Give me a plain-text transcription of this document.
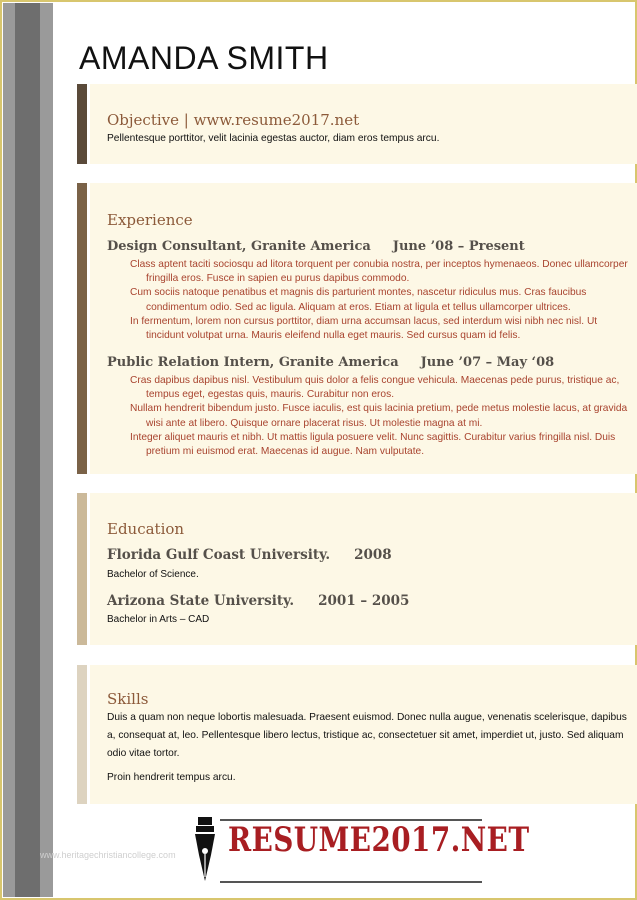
AMANDA SMITH
Objective | www.resume2017.net
Pellentesque porttitor, velit lacinia egestas auctor, diam eros tempus arcu.
Experience
Design Consultant, Granite America June ’08 – Present
Class aptent taciti sociosqu ad litora torquent per conubia nostra, per inceptos hymenaeos. Donec ullamcorper fringilla eros. Fusce in sapien eu purus dapibus commodo.
Cum sociis natoque penatibus et magnis dis parturient montes, nascetur ridiculus mus. Cras faucibus condimentum odio. Sed ac ligula. Aliquam at eros. Etiam at ligula et tellus ullamcorper ultrices.
In fermentum, lorem non cursus porttitor, diam urna accumsan lacus, sed interdum wisi nibh nec nisl. Ut tincidunt volutpat urna. Mauris eleifend nulla eget mauris. Sed cursus quam id felis.
Public Relation Intern, Granite America June ’07 – May ‘08
Cras dapibus dapibus nisl. Vestibulum quis dolor a felis congue vehicula. Maecenas pede purus, tristique ac, tempus eget, egestas quis, mauris. Curabitur non eros.
Nullam hendrerit bibendum justo. Fusce iaculis, est quis lacinia pretium, pede metus molestie lacus, at gravida wisi ante at libero. Quisque ornare placerat risus. Ut molestie magna at mi.
Integer aliquet mauris et nibh. Ut mattis ligula posuere velit. Nunc sagittis. Curabitur varius fringilla nisl. Duis pretium mi euismod erat. Maecenas id augue. Nam vulputate.
Education
Florida Gulf Coast University. 2008
Bachelor of Science.
Arizona State University. 2001 – 2005
Bachelor in Arts – CAD
Skills
Duis a quam non neque lobortis malesuada. Praesent euismod. Donec nulla augue, venenatis scelerisque, dapibus a, consequat at, leo. Pellentesque libero lectus, tristique ac, consectetuer sit amet, imperdiet ut, justo. Sed aliquam odio vitae tortor.
Proin hendrerit tempus arcu.
www.heritagechristiancollege.com RESUME2017.NET
